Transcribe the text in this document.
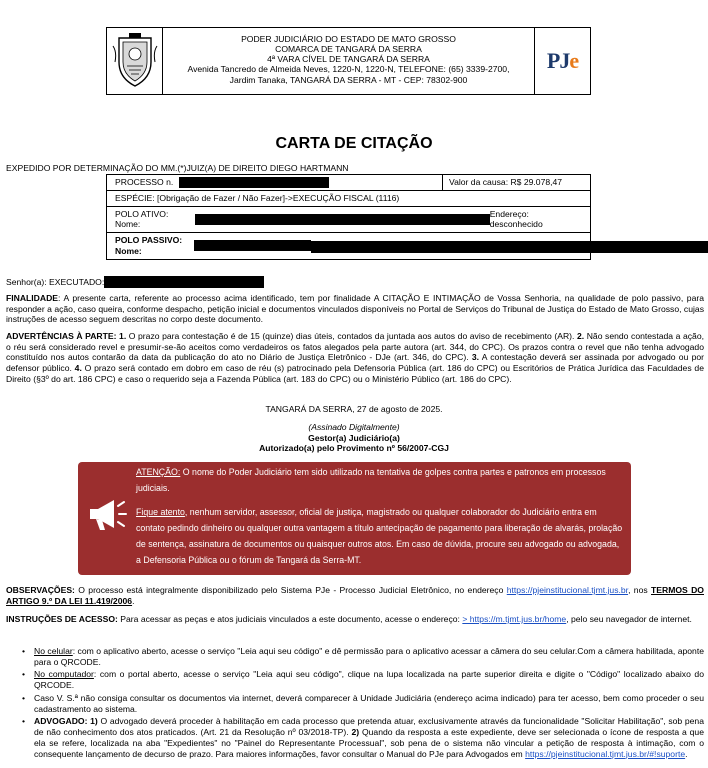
PODER JUDICIÁRIO DO ESTADO DE MATO GROSSO
COMARCA DE TANGARÁ DA SERRA
4ª VARA CÍVEL DE TANGARÁ DA SERRA
Avenida Tancredo de Almeida Neves, 1220-N, 1220-N, TELEFONE: (65) 3339-2700,
Jardim Tanaka, TANGARÁ DA SERRA - MT - CEP: 78302-900
PJe
CARTA DE CITAÇÃO
EXPEDIDO POR DETERMINAÇÃO DO MM.(*)JUIZ(A) DE DIREITO DIEGO HARTMANN
PROCESSO n.	Valor da causa: R$ 29.078,47
ESPÉCIE: [Obrigação de Fazer / Não Fazer]->EXECUÇÃO FISCAL (1116)
POLO ATIVO: Nome:
Endereço: desconhecido
POLO PASSIVO: Nome:
Senhor(a): EXECUTADO:
FINALIDADE: A presente carta, referente ao processo acima identificado, tem por finalidade A CITAÇÃO E INTIMAÇÃO de Vossa Senhoria, na qualidade de polo passivo, para responder a ação, caso queira, conforme despacho, petição inicial e documentos vinculados disponíveis no Portal de Serviços do Tribunal de Justiça do Estado de Mato Grosso, cujas instruções de acesso seguem descritas no corpo deste documento.
ADVERTÊNCIAS À PARTE: 1. O prazo para contestação é de 15 (quinze) dias úteis, contados da juntada aos autos do aviso de recebimento (AR). 2. Não sendo contestada a ação, o réu será considerado revel e presumir-se-ão aceitos como verdadeiros os fatos alegados pela parte autora (art. 344, do CPC). Os prazos contra o revel que não tenha advogado constituído nos autos contarão da data da publicação do ato no Diário de Justiça Eletrônico - DJe (art. 346, do CPC). 3. A contestação deverá ser assinada por advogado ou por defensor público. 4. O prazo será contado em dobro em caso de réu (s) patrocinado pela Defensoria Pública (art. 186 do CPC) ou Escritórios de Prática Jurídica das Faculdades de Direito (§3º do art. 186 CPC) e caso o requerido seja a Fazenda Pública (art. 183 do CPC) ou o Ministério Público (art. 186 do CPC).
TANGARÁ DA SERRA, 27 de agosto de 2025.
(Assinado Digitalmente)
Gestor(a) Judiciário(a)
Autorizado(a) pelo Provimento nº 56/2007-CGJ
ATENÇÃO: O nome do Poder Judiciário tem sido utilizado na tentativa de golpes contra partes e patronos em processos judiciais.
Fique atento, nenhum servidor, assessor, oficial de justiça, magistrado ou qualquer colaborador do Judiciário entra em contato pedindo dinheiro ou qualquer outra vantagem a título antecipação de pagamento para liberação de alvarás, prolação de sentença, assinatura de documentos ou quaisquer outros atos. Em caso de dúvida, procure seu advogado ou advogada, a Defensoria Pública ou o fórum de Tangará da Serra-MT.
OBSERVAÇÕES: O processo está integralmente disponibilizado pelo Sistema PJe - Processo Judicial Eletrônico, no endereço https://pjeinstitucional.tjmt.jus.br, nos TERMOS DO ARTIGO 9.º DA LEI 11.419/2006.
INSTRUÇÕES DE ACESSO: Para acessar as peças e atos judiciais vinculados a este documento, acesse o endereço: > https://m.tjmt.jus.br/home, pelo seu navegador de internet.
• No celular: com o aplicativo aberto, acesse o serviço "Leia aqui seu código" e dê permissão para o aplicativo acessar a câmera do seu celular.Com a câmera habilitada, aponte para o QRCODE.
• No computador: com o portal aberto, acesse o serviço "Leia aqui seu código", clique na lupa localizada na parte superior direita e digite o "Código" localizado abaixo do QRCODE.
• Caso V. S.ª não consiga consultar os documentos via internet, deverá comparecer à Unidade Judiciária (endereço acima indicado) para ter acesso, bem como proceder o seu cadastramento ao sistema.
• ADVOGADO: 1) O advogado deverá proceder à habilitação em cada processo que pretenda atuar, exclusivamente através da funcionalidade "Solicitar Habilitação", sob pena de não conhecimento dos atos praticados. (Art. 21 da Resolução nº 03/2018-TP). 2) Quando da resposta a este expediente, deve ser selecionada o ícone de resposta a que ela se refere, localizada na aba "Expedientes" no "Painel do Representante Processual", sob pena de o sistema não vincular a petição de resposta à intimação, com o consequente lançamento de decurso de prazo. Para maiores informações, favor consultar o Manual do PJe para Advogados em https://pjeinstitucional.tjmt.jus.br/#!suporte.
